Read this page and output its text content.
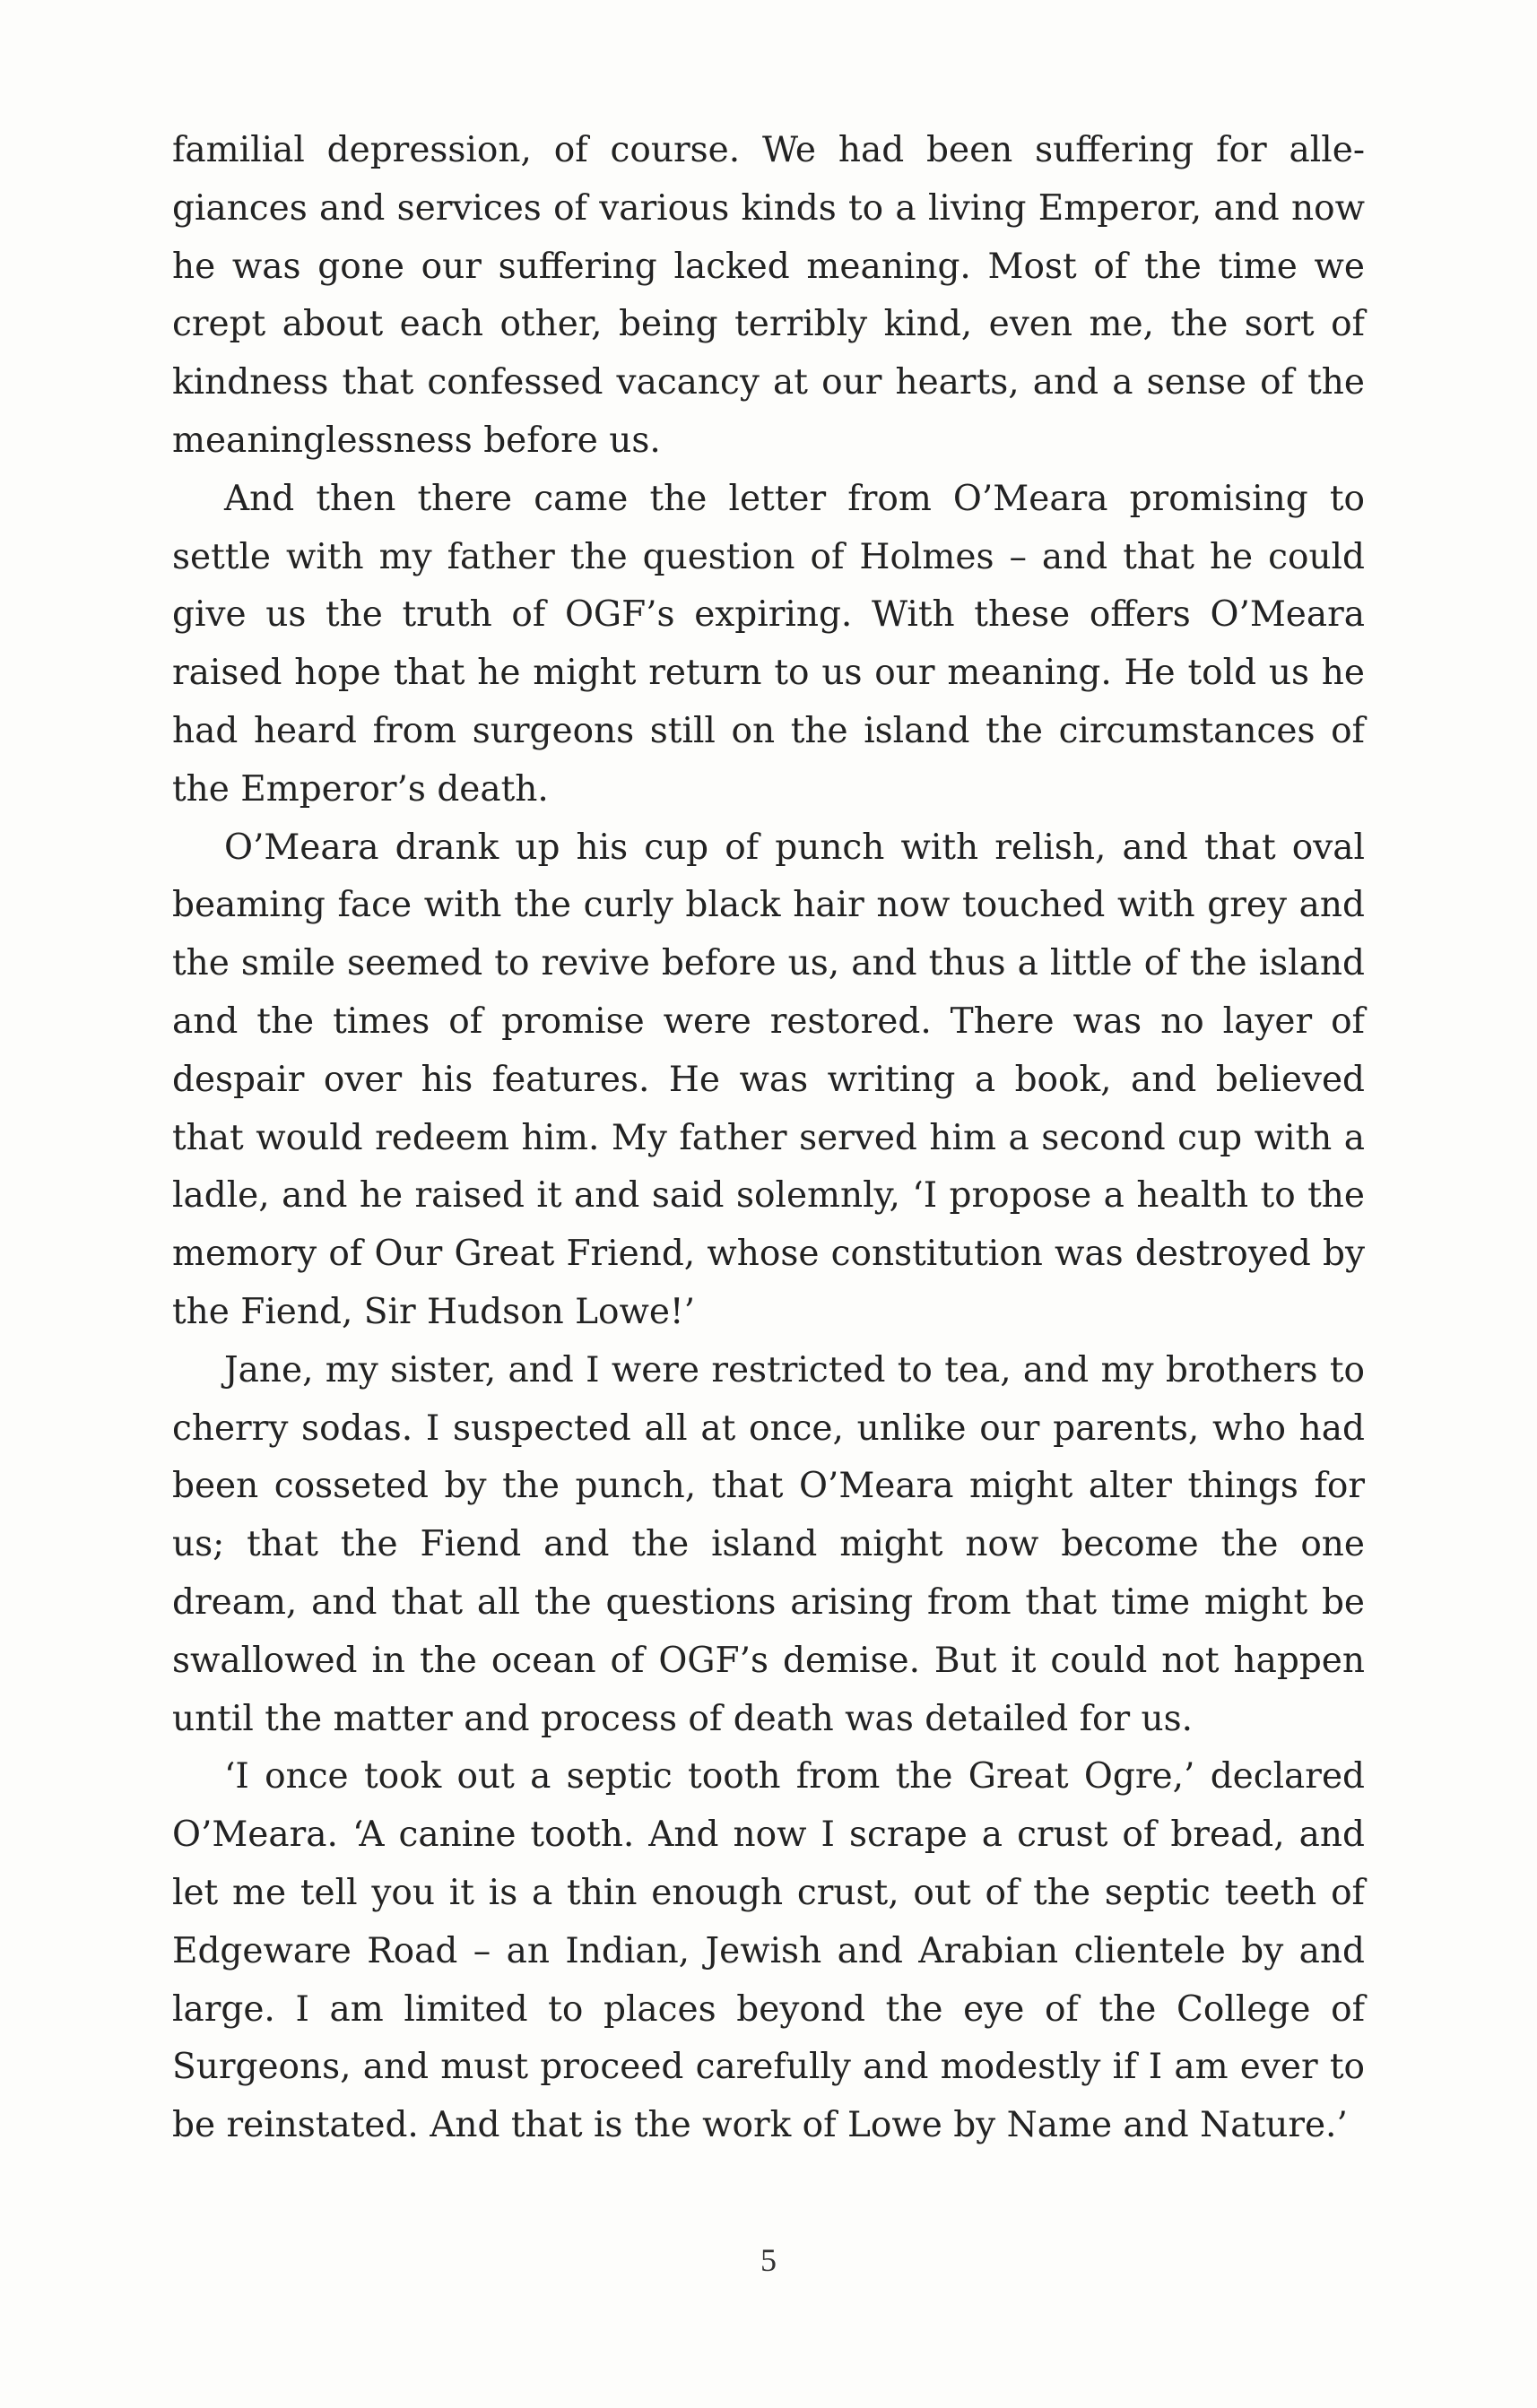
familial depression, of course. We had been suffering for allegiances and services of various kinds to a living Emperor, and now he was gone our suffering lacked meaning. Most of the time we crept about each other, being terribly kind, even me, the sort of kindness that confessed vacancy at our hearts, and a sense of the meaninglessness before us.

And then there came the letter from O’Meara promising to settle with my father the question of Holmes – and that he could give us the truth of OGF’s expiring. With these offers O’Meara raised hope that he might return to us our meaning. He told us he had heard from surgeons still on the island the circumstances of the Emperor’s death.

O’Meara drank up his cup of punch with relish, and that oval beaming face with the curly black hair now touched with grey and the smile seemed to revive before us, and thus a little of the island and the times of promise were restored. There was no layer of despair over his features. He was writing a book, and believed that would redeem him. My father served him a second cup with a ladle, and he raised it and said solemnly, ‘I propose a health to the memory of Our Great Friend, whose constitution was destroyed by the Fiend, Sir Hudson Lowe!’

Jane, my sister, and I were restricted to tea, and my brothers to cherry sodas. I suspected all at once, unlike our parents, who had been cosseted by the punch, that O’Meara might alter things for us; that the Fiend and the island might now become the one dream, and that all the questions arising from that time might be swallowed in the ocean of OGF’s demise. But it could not happen until the matter and process of death was detailed for us.

‘I once took out a septic tooth from the Great Ogre,’ declared O’Meara. ‘A canine tooth. And now I scrape a crust of bread, and let me tell you it is a thin enough crust, out of the septic teeth of Edgeware Road – an Indian, Jewish and Arabian clientele by and large. I am limited to places beyond the eye of the College of Surgeons, and must proceed carefully and modestly if I am ever to be reinstated. And that is the work of Lowe by Name and Nature.’

5
